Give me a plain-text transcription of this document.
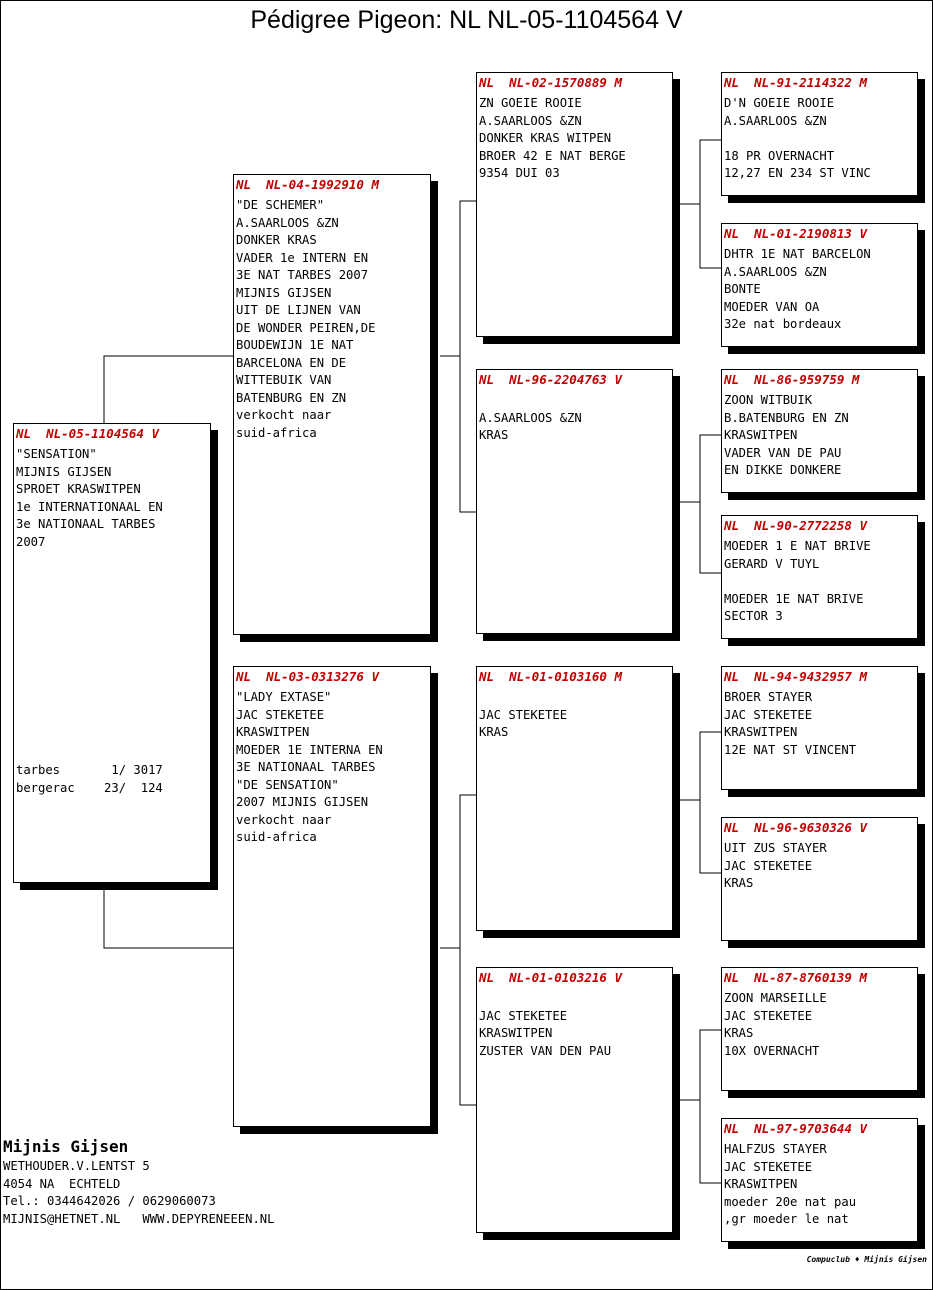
Pédigree Pigeon: NL NL-05-1104564 V
NL  NL-05-1104564 V
"SENSATION"
MIJNIS GIJSEN
SPROET KRASWITPEN
1e INTERNATIONAAL EN
3e NATIONAAL TARBES
2007
tarbes       1/ 3017
bergerac    23/  124
NL  NL-04-1992910 M
"DE SCHEMER"
A.SAARLOOS &ZN
DONKER KRAS
VADER 1e INTERN EN
3E NAT TARBES 2007
MIJNIS GIJSEN
UIT DE LIJNEN VAN
DE WONDER PEIREN,DE
BOUDEWIJN 1E NAT
BARCELONA EN DE
WITTEBUIK VAN
BATENBURG EN ZN
verkocht naar
suid-africa
NL  NL-03-0313276 V
"LADY EXTASE"
JAC STEKETEE
KRASWITPEN
MOEDER 1E INTERNA EN
3E NATIONAAL TARBES
"DE SENSATION"
2007 MIJNIS GIJSEN
verkocht naar
suid-africa
NL  NL-02-1570889 M
ZN GOEIE ROOIE
A.SAARLOOS &ZN
DONKER KRAS WITPEN
BROER 42 E NAT BERGE
9354 DUI 03
NL  NL-96-2204763 V
A.SAARLOOS &ZN
KRAS
NL  NL-01-0103160 M
JAC STEKETEE
KRAS
NL  NL-01-0103216 V
JAC STEKETEE
KRASWITPEN
ZUSTER VAN DEN PAU
NL  NL-91-2114322 M
D'N GOEIE ROOIE
A.SAARLOOS &ZN
18 PR OVERNACHT
12,27 EN 234 ST VINC
NL  NL-01-2190813 V
DHTR 1E NAT BARCELON
A.SAARLOOS &ZN
BONTE
MOEDER VAN OA
32e nat bordeaux
NL  NL-86-959759 M
ZOON WITBUIK
B.BATENBURG EN ZN
KRASWITPEN
VADER VAN DE PAU
EN DIKKE DONKERE
NL  NL-90-2772258 V
MOEDER 1 E NAT BRIVE
GERARD V TUYL
MOEDER 1E NAT BRIVE
SECTOR 3
NL  NL-94-9432957 M
BROER STAYER
JAC STEKETEE
KRASWITPEN
12E NAT ST VINCENT
NL  NL-96-9630326 V
UIT ZUS STAYER
JAC STEKETEE
KRAS
NL  NL-87-8760139 M
ZOON MARSEILLE
JAC STEKETEE
KRAS
10X OVERNACHT
NL  NL-97-9703644 V
HALFZUS STAYER
JAC STEKETEE
KRASWITPEN
moeder 20e nat pau
,gr moeder le nat
Mijnis Gijsen
WETHOUDER.V.LENTST 5
4054 NA  ECHTELD
Tel.: 0344642026 / 0629060073
MIJNIS@HETNET.NL   WWW.DEPYRENEEEN.NL
Compuclub ♦ Mijnis Gijsen
